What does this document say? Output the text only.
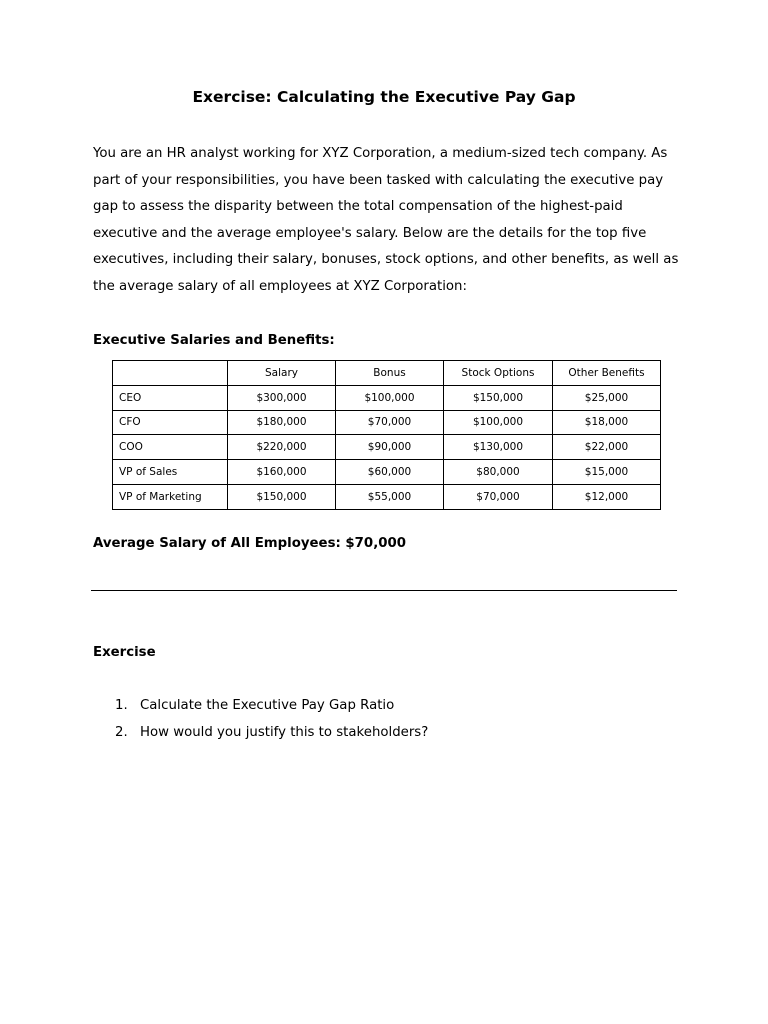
Exercise: Calculating the Executive Pay Gap

You are an HR analyst working for XYZ Corporation, a medium-sized tech company. As part of your responsibilities, you have been tasked with calculating the executive pay gap to assess the disparity between the total compensation of the highest-paid executive and the average employee's salary. Below are the details for the top five executives, including their salary, bonuses, stock options, and other benefits, as well as the average salary of all employees at XYZ Corporation:

Executive Salaries and Benefits:

	Salary	Bonus	Stock Options	Other Benefits
CEO	$300,000	$100,000	$150,000	$25,000
CFO	$180,000	$70,000	$100,000	$18,000
COO	$220,000	$90,000	$130,000	$22,000
VP of Sales	$160,000	$60,000	$80,000	$15,000
VP of Marketing	$150,000	$55,000	$70,000	$12,000

Average Salary of All Employees: $70,000

Exercise

1. Calculate the Executive Pay Gap Ratio
2. How would you justify this to stakeholders?
